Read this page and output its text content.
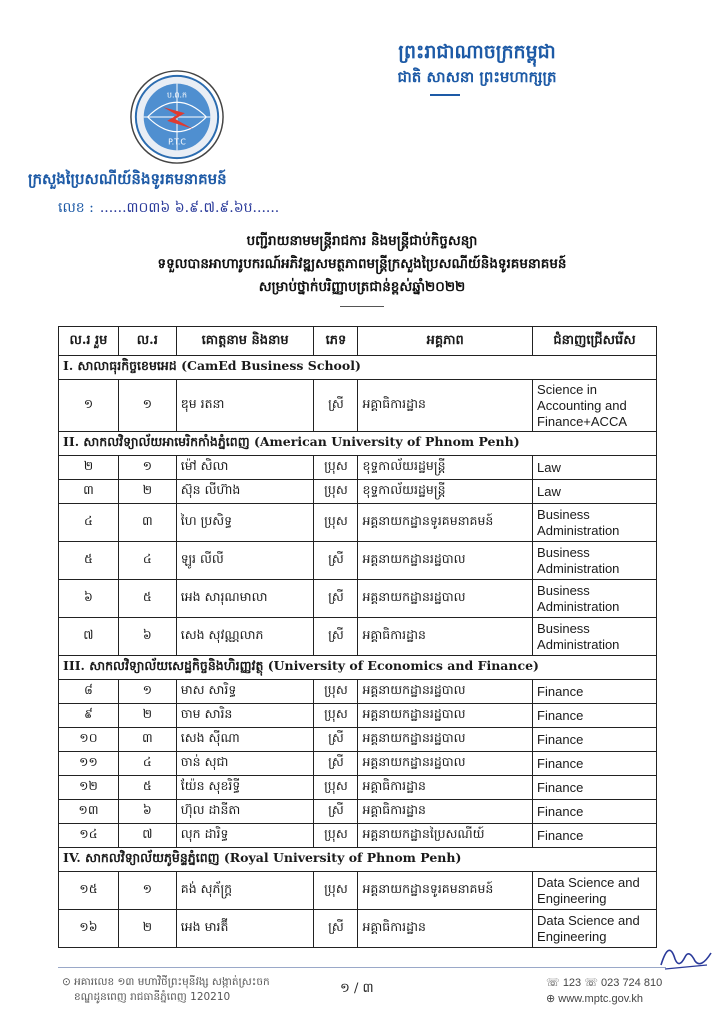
ព្រះរាជាណាចក្រកម្ពុជា
ជាតិ សាសនា ព្រះមហាក្សត្រ
ប.ព.ក
P.T.C
ក្រសួងប្រៃសណីយ៍និងទូរគមនាគមន៍
លេខ : ......៣០៣៦ ៦.៩.៧.៩.៦ប......
បញ្ជីរាយនាមមន្ត្រីរាជការ និងមន្ត្រីជាប់កិច្ចសន្យា
ទទួលបានអាហារូបករណ៍អភិវឌ្ឍសមត្ថភាពមន្ត្រីក្រសួងប្រៃសណីយ៍និងទូរគមនាគមន៍
សម្រាប់ថ្នាក់បរិញ្ញាបត្រជាន់ខ្ពស់ឆ្នាំ២០២២
ល.រ រួម	ល.រ	គោត្តនាម និងនាម	ភេទ	អគ្គភាព	ជំនាញជ្រើសរើស
I. សាលាធុរកិច្ចខេមអេដ (CamEd Business School)					
១	១	ឌុម រតនា	ស្រី	អគ្គាធិការដ្ឋាន	Science in Accounting and Finance+ACCA
II. សាកលវិទ្យាល័យអាមេរិកកាំងភ្នំពេញ (American University of Phnom Penh)					
២	១	ម៉ៅ សិលា	ប្រុស	ខុទ្ទកាល័យរដ្ឋមន្ត្រី	Law
៣	២	ស៊ុន លីហ៊ាង	ប្រុស	ខុទ្ទកាល័យរដ្ឋមន្ត្រី	Law
៤	៣	ហៃ ប្រសិទ្ធ	ប្រុស	អគ្គនាយកដ្ឋានទូរគមនាគមន៍	Business Administration
៥	៤	ឡូរ លីលី	ស្រី	អគ្គនាយកដ្ឋានរដ្ឋបាល	Business Administration
៦	៥	អេង សារុណមាលា	ស្រី	អគ្គនាយកដ្ឋានរដ្ឋបាល	Business Administration
៧	៦	សេង សុវណ្ណលាភ	ស្រី	អគ្គាធិការដ្ឋាន	Business Administration
III. សាកលវិទ្យាល័យសេដ្ឋកិច្ចនិងហិរញ្ញវត្ថុ (University of Economics and Finance)					
៨	១	មាស សារិទ្ធ	ប្រុស	អគ្គនាយកដ្ឋានរដ្ឋបាល	Finance
៩	២	ចាម សារិន	ប្រុស	អគ្គនាយកដ្ឋានរដ្ឋបាល	Finance
១០	៣	សេង ស៊ីណា	ស្រី	អគ្គនាយកដ្ឋានរដ្ឋបាល	Finance
១១	៤	ចាន់ សុជា	ស្រី	អគ្គនាយកដ្ឋានរដ្ឋបាល	Finance
១២	៥	យ៉ែន សុខរិទ្ធី	ប្រុស	អគ្គាធិការដ្ឋាន	Finance
១៣	៦	ហ៊ុល ដានីតា	ស្រី	អគ្គាធិការដ្ឋាន	Finance
១៤	៧	លុក ដារិទ្ធ	ប្រុស	អគ្គនាយកដ្ឋានប្រៃសណីយ៍	Finance
IV. សាកលវិទ្យាល័យភូមិន្ទភ្នំពេញ (Royal University of Phnom Penh)					
១៥	១	គង់ សុភ័ក្រ្ត	ប្រុស	អគ្គនាយកដ្ឋានទូរគមនាគមន៍	Data Science and Engineering
១៦	២	អេង មារត៊ី	ស្រី	អគ្គាធិការដ្ឋាន	Data Science and Engineering
⊙ អគារលេខ ១៣ មហាវិថីព្រះមុនីវង្ស សង្កាត់ស្រះចក
ខណ្ឌដូនពេញ រាជធានីភ្នំពេញ 120210
១ / ៣	☏ 123 ☏ 023 724 810
⊕ www.mptc.gov.kh
